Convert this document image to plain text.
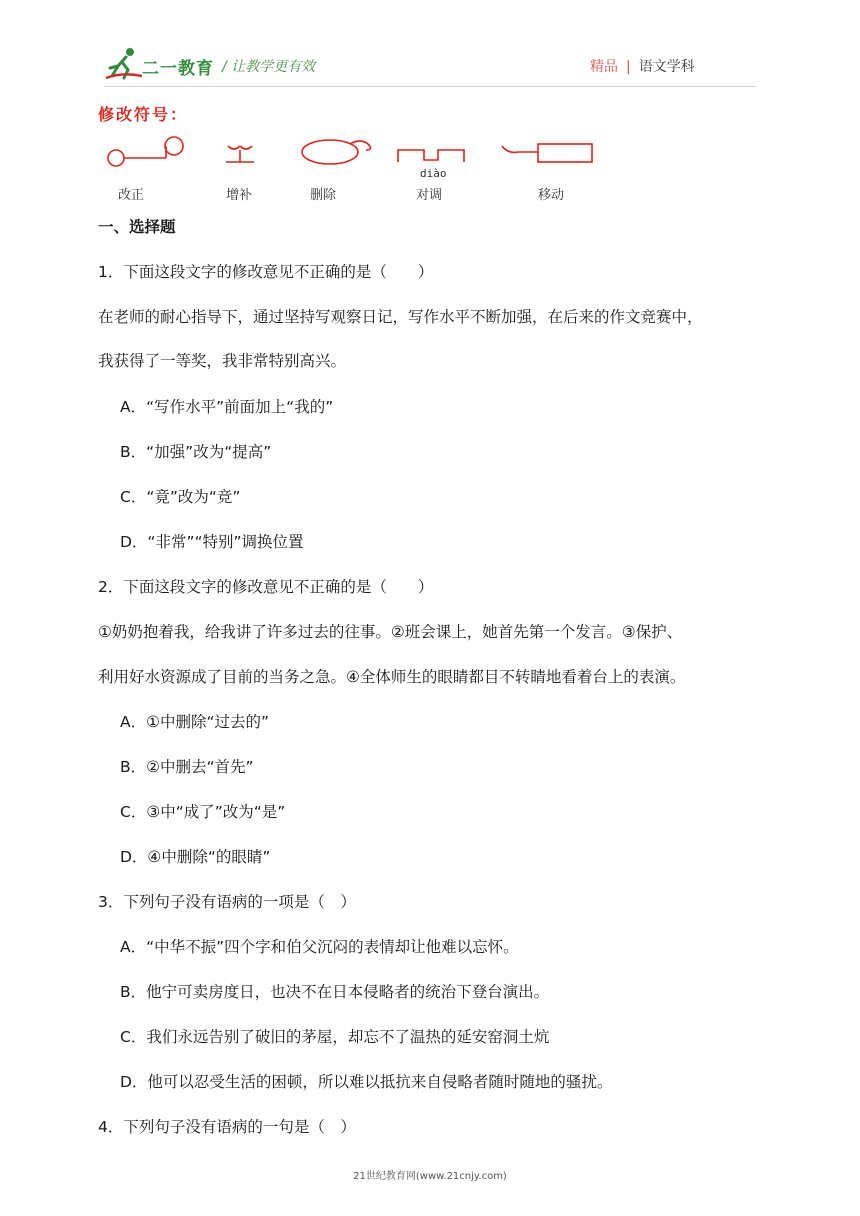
二一教育 / 让教学更有效	精品 | 语文学科
修改符号：
diào
改正	增补	删除	对调	移动
一、选择题
1．下面这段文字的修改意见不正确的是（　　）
在老师的耐心指导下，通过坚持写观察日记，写作水平不断加强，在后来的作文竞赛中，
我获得了一等奖，我非常特别高兴。
A．“写作水平”前面加上“我的”
B．“加强”改为“提高”
C．“竟”改为“竞”
D．“非常”“特别”调换位置
2．下面这段文字的修改意见不正确的是（　　）
①奶奶抱着我，给我讲了许多过去的往事。②班会课上，她首先第一个发言。③保护、
利用好水资源成了目前的当务之急。④全体师生的眼睛都目不转睛地看着台上的表演。
A．①中删除“过去的”
B．②中删去“首先”
C．③中“成了”改为“是”
D．④中删除“的眼睛”
3．下列句子没有语病的一项是（　）
A．“中华不振”四个字和伯父沉闷的表情却让他难以忘怀。
B．他宁可卖房度日，也决不在日本侵略者的统治下登台演出。
C．我们永远告别了破旧的茅屋，却忘不了温热的延安窑洞土炕
D．他可以忍受生活的困顿，所以难以抵抗来自侵略者随时随地的骚扰。
4．下列句子没有语病的一句是（　）
21世纪教育网(www.21cnjy.com)
